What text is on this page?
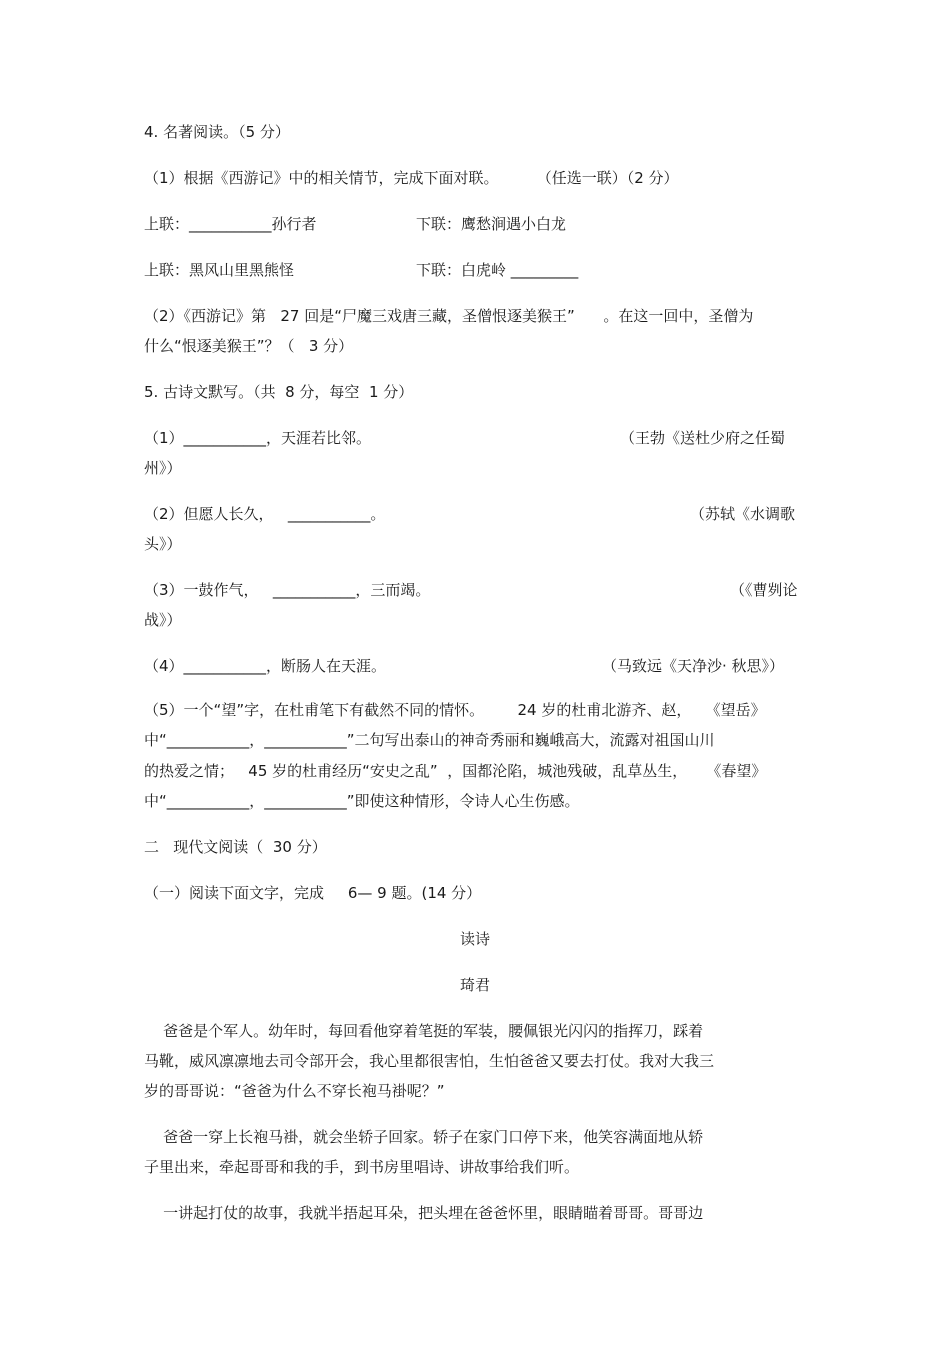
4. 名著阅读。（5 分）

（1）根据《西游记》中的相关情节，完成下面对联。        （任选一联）（2 分）

上联：___________孙行者	下联：鹰愁涧遇小白龙

上联：黑风山里黑熊怪	下联：白虎岭 _________

（2）《西游记》第   27 回是“尸魔三戏唐三藏，圣僧恨逐美猴王”      。在这一回中，圣僧为

什么“恨逐美猴王”？（   3 分）

5. 古诗文默写。（共  8 分，每空  1 分）

（1）___________，天涯若比邻。	（王勃《送杜少府之任蜀

州》）

（2）但愿人长久，   ___________。	（苏轼《水调歌

头》）

（3）一鼓作气，   ___________，三而竭。	（《曹刿论

战》）

（4）___________，断肠人在天涯。	（马致远《天净沙· 秋思》）

（5）一个“望”字，在杜甫笔下有截然不同的情怀。       24 岁的杜甫北游齐、赵，   《望岳》

中“___________，___________”二句写出泰山的神奇秀丽和巍峨高大，流露对祖国山川

的热爱之情；   45 岁的杜甫经历“安史之乱”  ，国都沦陷，城池残破，乱草丛生，    《春望》

中“___________，___________”即使这种情形，令诗人心生伤感。

二   现代文阅读（  30 分）

（一）阅读下面文字，完成     6— 9 题。(14 分）

读诗

琦君

爸爸是个军人。幼年时，每回看他穿着笔挺的军装，腰佩银光闪闪的指挥刀，踩着

马靴，威风凛凛地去司令部开会，我心里都很害怕，生怕爸爸又要去打仗。我对大我三

岁的哥哥说：“爸爸为什么不穿长袍马褂呢？”

爸爸一穿上长袍马褂，就会坐轿子回家。轿子在家门口停下来，他笑容满面地从轿

子里出来，牵起哥哥和我的手，到书房里唱诗、讲故事给我们听。

一讲起打仗的故事，我就半捂起耳朵，把头埋在爸爸怀里，眼睛瞄着哥哥。哥哥边
